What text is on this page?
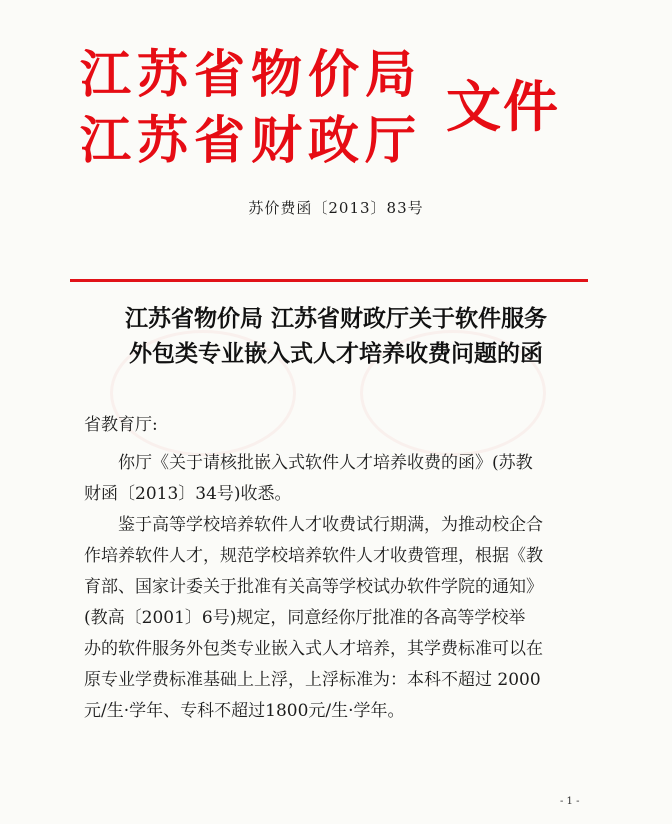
江苏省物价局
江苏省财政厅
文件
苏价费函〔2013〕83号
江苏省物价局 江苏省财政厅关于软件服务
外包类专业嵌入式人才培养收费问题的函
省教育厅:
你厅《关于请核批嵌入式软件人才培养收费的函》(苏教
财函〔2013〕34号)收悉。
鉴于高等学校培养软件人才收费试行期满，为推动校企合
作培养软件人才，规范学校培养软件人才收费管理，根据《教
育部、国家计委关于批准有关高等学校试办软件学院的通知》
(教高〔2001〕6号)规定，同意经你厅批准的各高等学校举
办的软件服务外包类专业嵌入式人才培养，其学费标准可以在
原专业学费标准基础上上浮，上浮标准为：本科不超过 2000
元/生·学年、专科不超过1800元/生·学年。
- 1 -
